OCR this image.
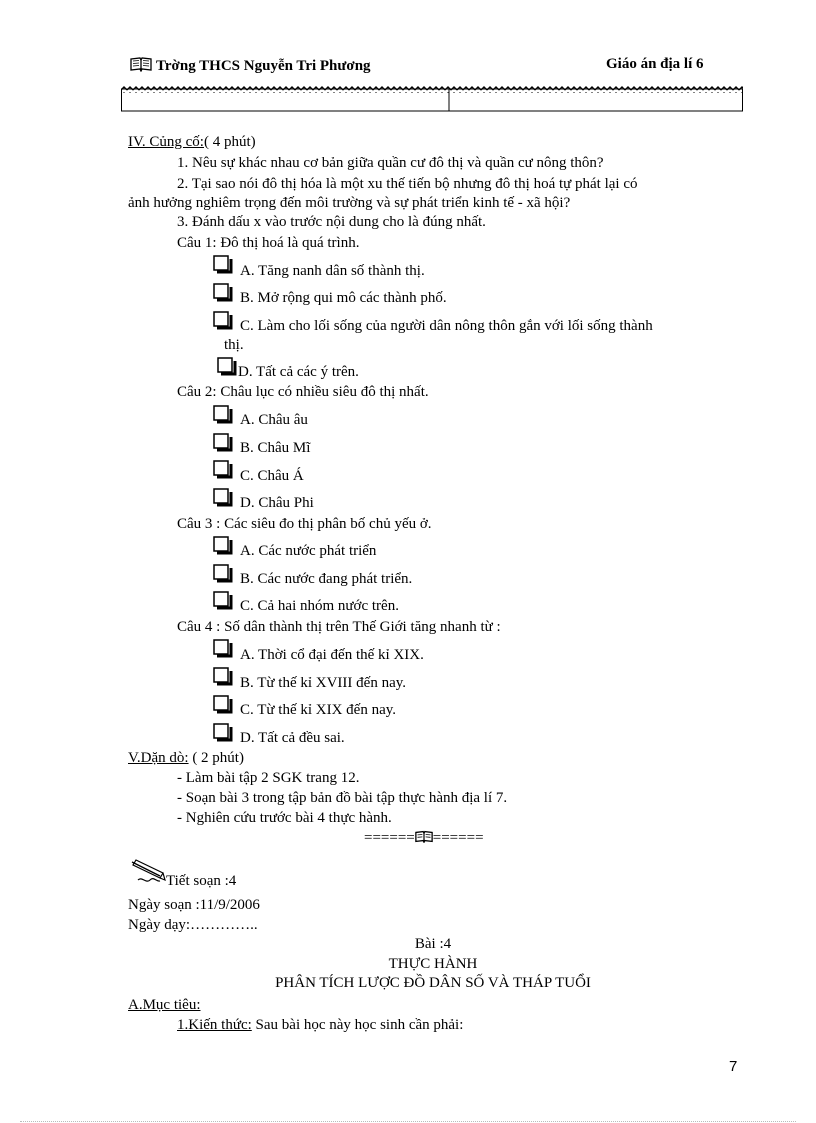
Trờng THCS Nguyễn Tri Phương	Giáo án địa lí 6
IV. Củng cố:( 4 phút)
1. Nêu sự khác nhau cơ bản giữa quần cư đô thị và quần cư nông thôn?
2. Tại sao nói đô thị hóa là một xu thế tiến bộ nhưng đô thị hoá tự phát lại có
ảnh hưởng nghiêm trọng đến môi trường và sự phát triển kinh tế - xã hội?
3. Đánh dấu x vào trước nội dung cho là đúng nhất.
Câu 1: Đô thị hoá là quá trình.
A. Tăng nanh dân số thành thị.
B. Mở rộng qui mô các thành phố.
C. Làm cho lối sống của người dân nông thôn gắn với lối sống thành
thị.
D. Tất cả các ý trên.
Câu 2: Châu lục có nhiều siêu đô thị nhất.
A. Châu âu
B. Châu Mĩ
C. Châu Á
D. Châu Phi
Câu 3 : Các siêu đo thị phân bố chủ yếu ở.
A. Các nước phát triển
B. Các nước đang phát triển.
C. Cả hai nhóm nước trên.
Câu 4 : Số dân thành thị trên Thế Giới tăng nhanh từ :
A. Thời cổ đại đến thế kỉ XIX.
B. Từ thế kỉ XVIII đến nay.
C. Từ thế kỉ XIX đến nay.
D. Tất cả đều sai.
V.Dặn dò: ( 2 phút)
- Làm bài tập 2 SGK trang 12.
- Soạn bài 3 trong tập bản đồ bài tập thực hành địa lí 7.
- Nghiên cứu trước bài 4 thực hành.
====== ======
Tiết soạn :4
Ngày soạn :11/9/2006
Ngày dạy:…………..
Bài :4
THỰC HÀNH
PHÂN TÍCH LƯỢC ĐỒ DÂN SỐ VÀ THÁP TUỔI
A.Mục tiêu:
1.Kiến thức: Sau bài học này học sinh cần phải:
7
